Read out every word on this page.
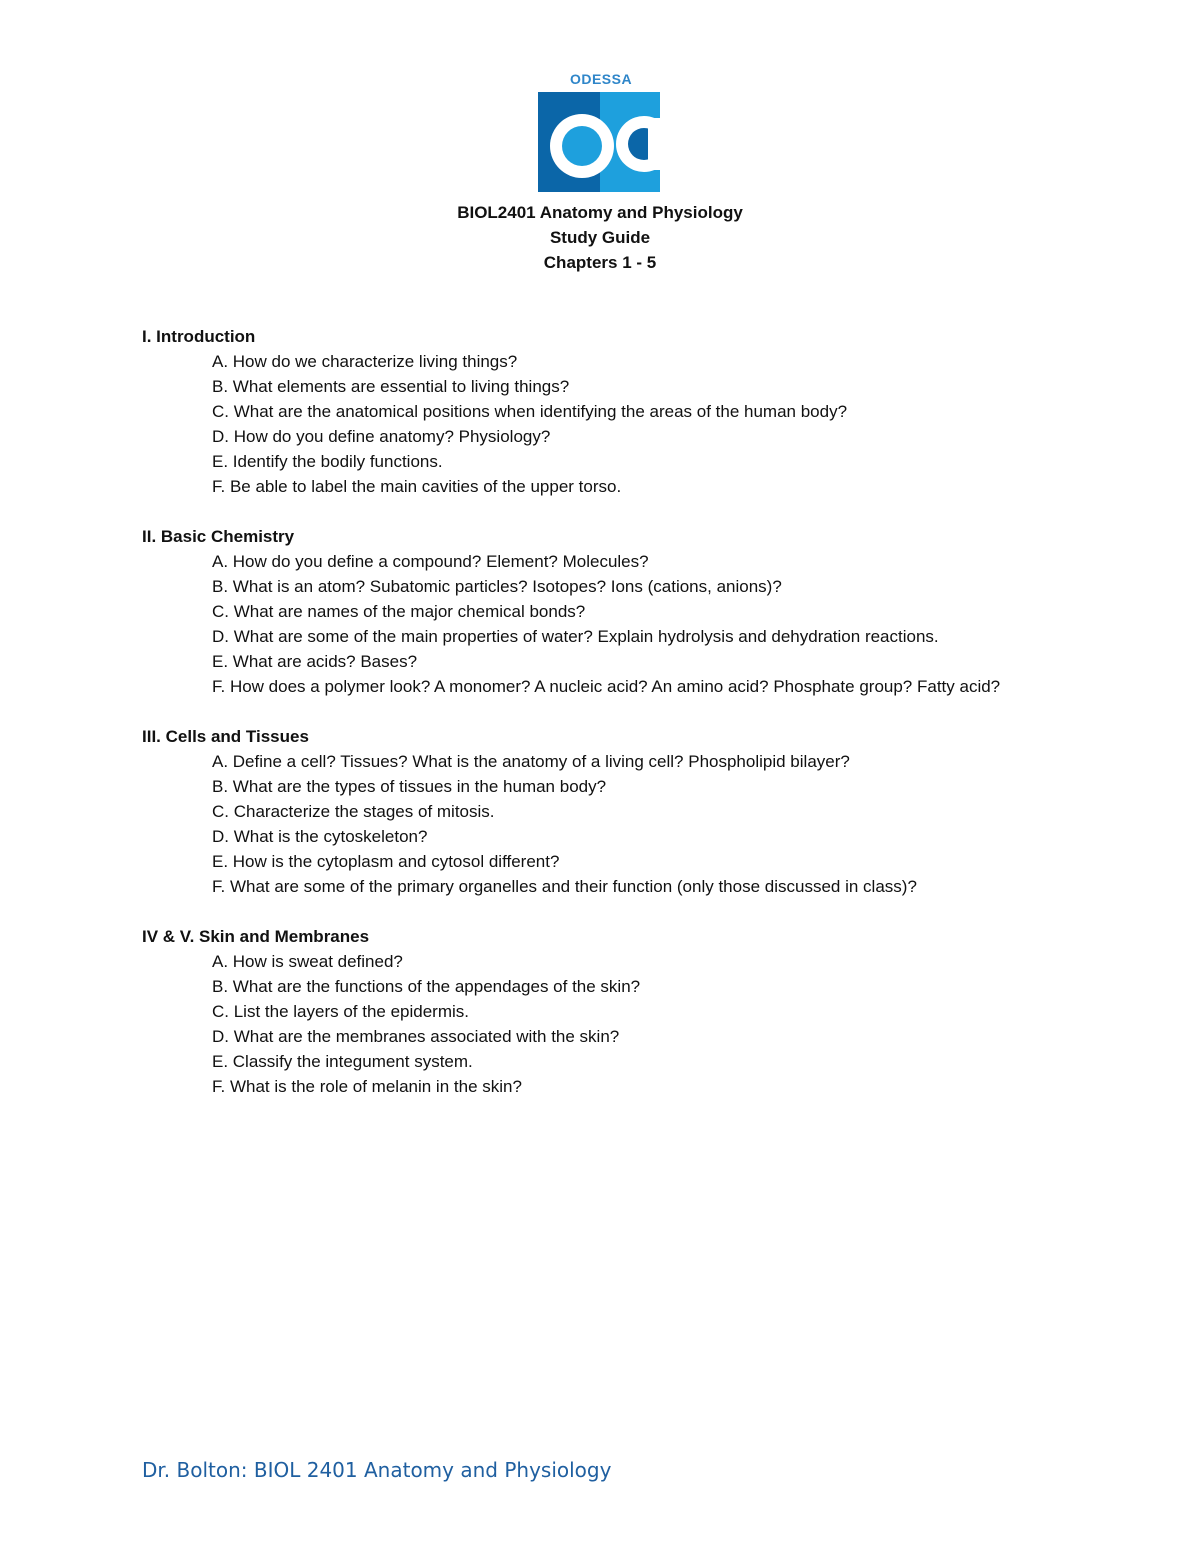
ODESSA
BIOL2401 Anatomy and Physiology
Study Guide
Chapters 1 - 5
I. Introduction
A. How do we characterize living things?
B. What elements are essential to living things?
C. What are the anatomical positions when identifying the areas of the human body?
D. How do you define anatomy? Physiology?
E. Identify the bodily functions.
F. Be able to label the main cavities of the upper torso.
II. Basic Chemistry
A. How do you define a compound? Element? Molecules?
B. What is an atom? Subatomic particles? Isotopes? Ions (cations, anions)?
C. What are names of the major chemical bonds?
D. What are some of the main properties of water? Explain hydrolysis and dehydration reactions.
E. What are acids? Bases?
F. How does a polymer look? A monomer? A nucleic acid? An amino acid? Phosphate group? Fatty acid?
III. Cells and Tissues
A. Define a cell? Tissues? What is the anatomy of a living cell? Phospholipid bilayer?
B. What are the types of tissues in the human body?
C. Characterize the stages of mitosis.
D. What is the cytoskeleton?
E. How is the cytoplasm and cytosol different?
F. What are some of the primary organelles and their function (only those discussed in class)?
IV & V. Skin and Membranes
A. How is sweat defined?
B. What are the functions of the appendages of the skin?
C. List the layers of the epidermis.
D. What are the membranes associated with the skin?
E. Classify the integument system.
F. What is the role of melanin in the skin?
Dr. Bolton: BIOL 2401 Anatomy and Physiology
